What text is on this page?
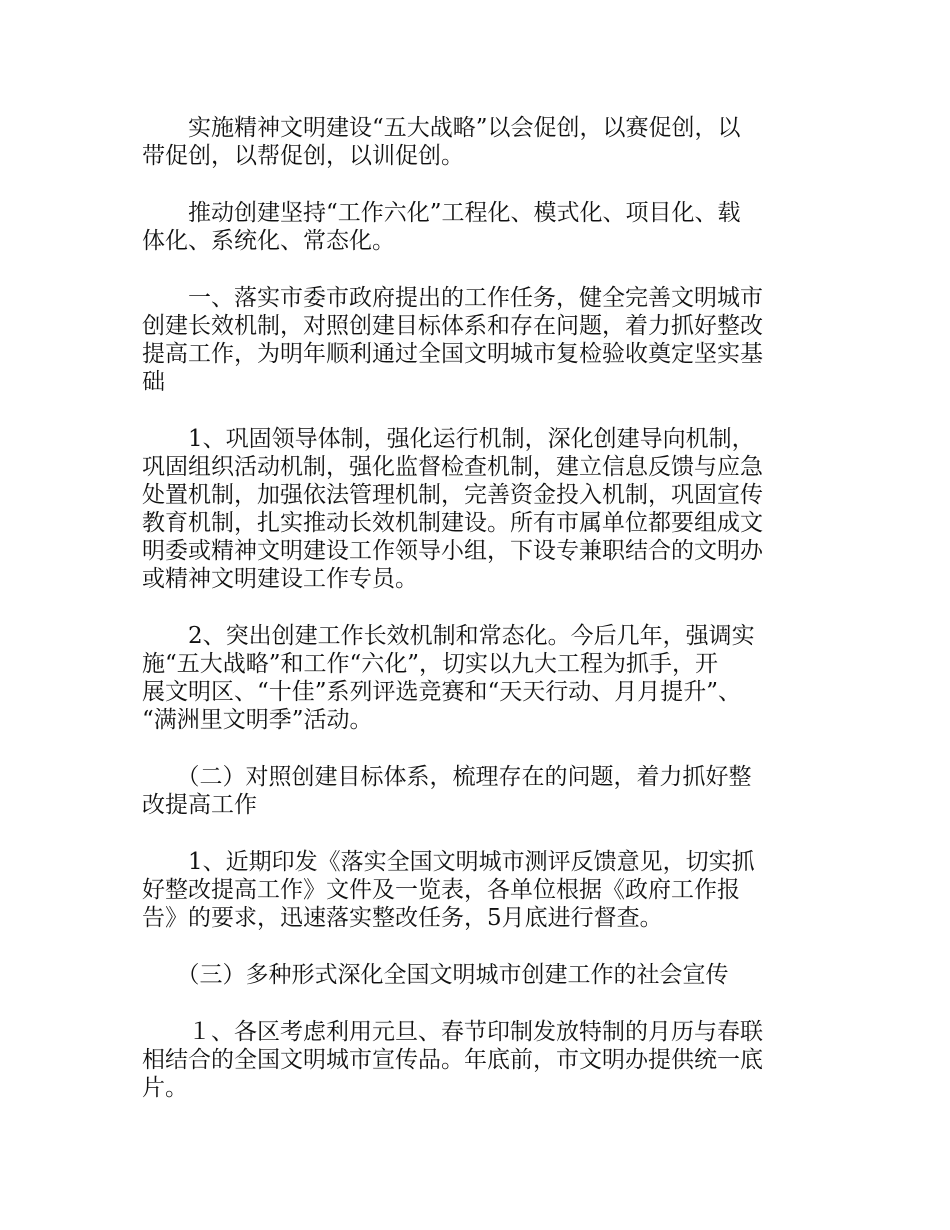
　　实施精神文明建设“五大战略”以会促创，以赛促创，以
带促创，以帮促创，以训促创。

　　推动创建坚持“工作六化”工程化、模式化、项目化、载
体化、系统化、常态化。

　　一、落实市委市政府提出的工作任务，健全完善文明城市
创建长效机制，对照创建目标体系和存在问题，着力抓好整改
提高工作，为明年顺利通过全国文明城市复检验收奠定坚实基
础

　　1、巩固领导体制，强化运行机制，深化创建导向机制，
巩固组织活动机制，强化监督检查机制，建立信息反馈与应急
处置机制，加强依法管理机制，完善资金投入机制，巩固宣传
教育机制，扎实推动长效机制建设。所有市属单位都要组成文
明委或精神文明建设工作领导小组，下设专兼职结合的文明办
或精神文明建设工作专员。

　　2、突出创建工作长效机制和常态化。今后几年，强调实
施“五大战略”和工作“六化”，切实以九大工程为抓手，开
展文明区、“十佳”系列评选竞赛和“天天行动、月月提升”、
“满洲里文明季”活动。

　　（二）对照创建目标体系，梳理存在的问题，着力抓好整
改提高工作

　　1、近期印发《落实全国文明城市测评反馈意见，切实抓
好整改提高工作》文件及一览表，各单位根据《政府工作报
告》的要求，迅速落实整改任务，5月底进行督查。

　　（三）多种形式深化全国文明城市创建工作的社会宣传

　　１、各区考虑利用元旦、春节印制发放特制的月历与春联
相结合的全国文明城市宣传品。年底前，市文明办提供统一底
片。
